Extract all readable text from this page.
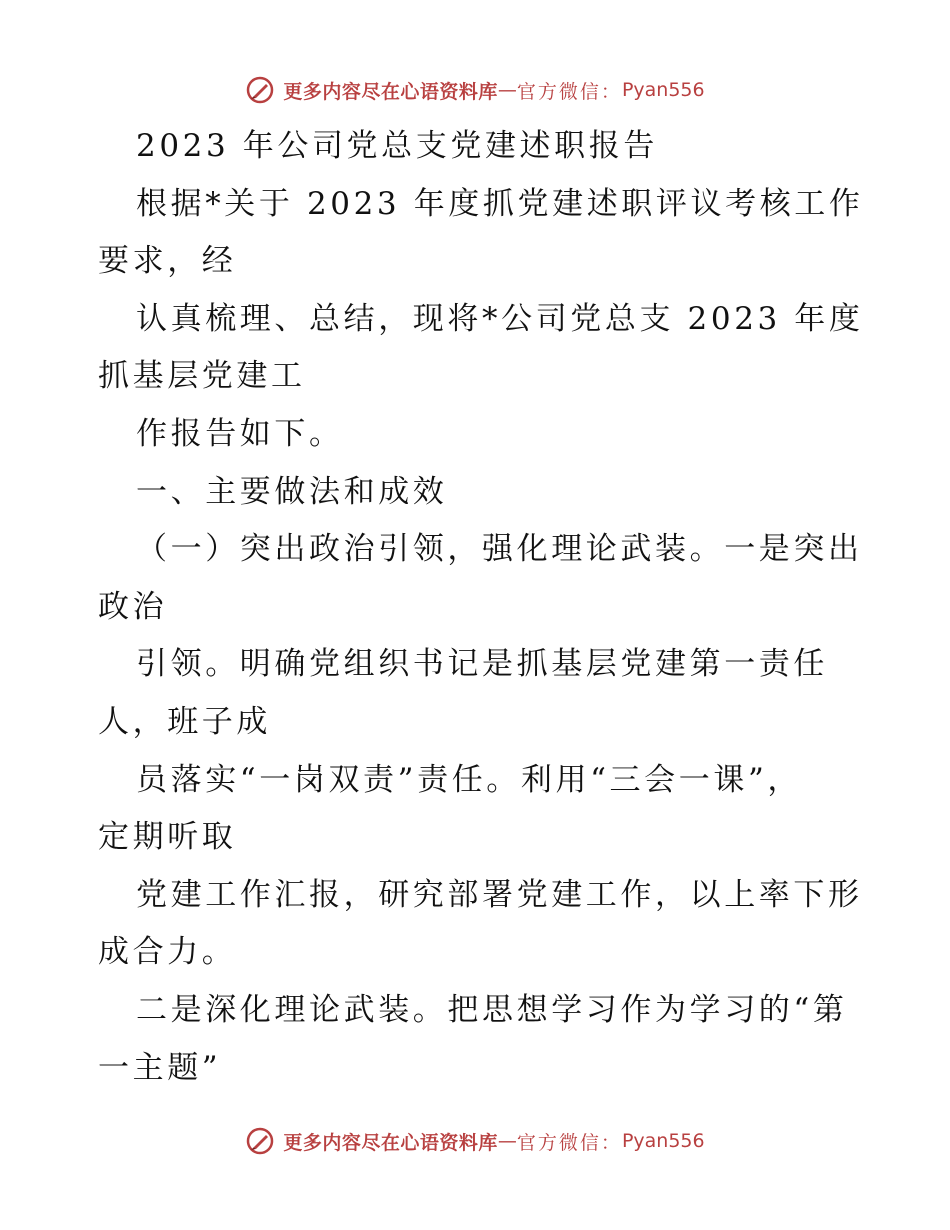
更多内容尽在心语资料库 — 官方微信： Pyan556
2023 年公司党总支党建述职报告
根据*关于 2023 年度抓党建述职评议考核工作
要求，经
认真梳理、总结，现将*公司党总支 2023 年度
抓基层党建工
作报告如下。
一、主要做法和成效
（一）突出政治引领，强化理论武装。一是突出
政治
引领。明确党组织书记是抓基层党建第一责任
人，班子成
员落实“一岗双责”责任。利用“三会一课”，
定期听取
党建工作汇报，研究部署党建工作，以上率下形
成合力。
二是深化理论武装。把思想学习作为学习的“第
一主题”
更多内容尽在心语资料库 — 官方微信： Pyan556
